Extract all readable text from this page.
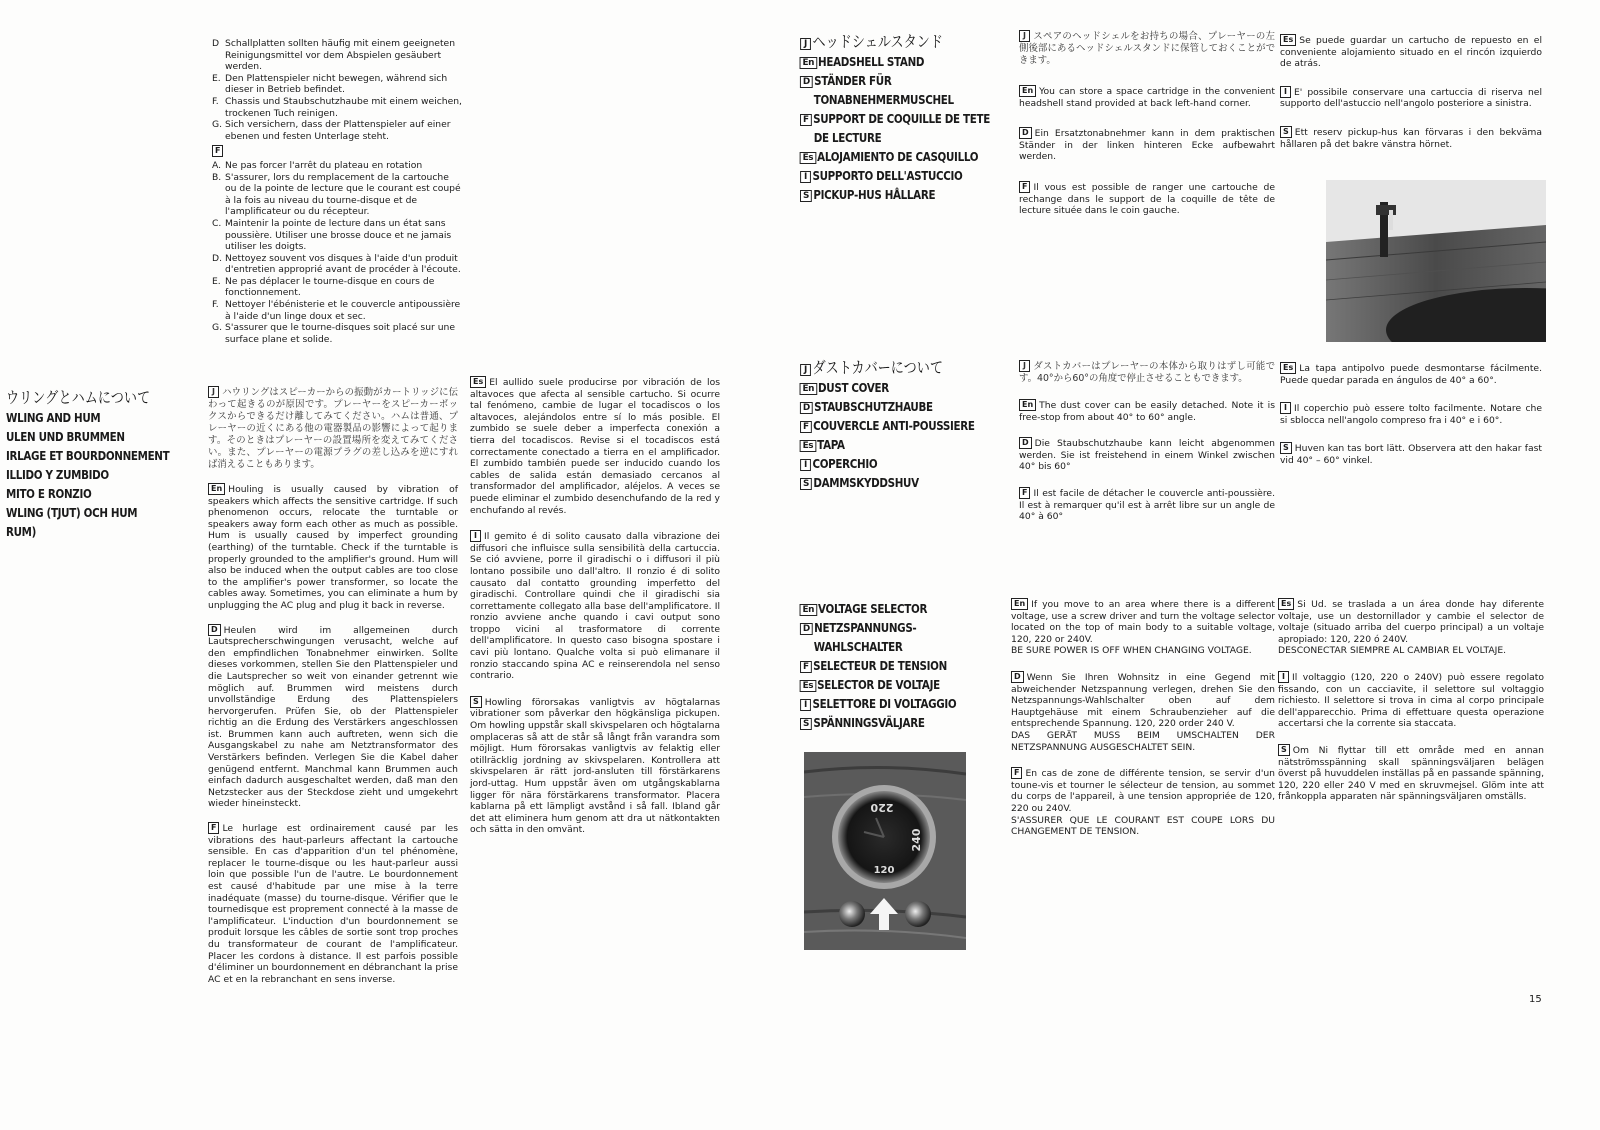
D Schallplatten sollten häufig mit einem geeigneten Reinigungsmittel vor dem Abspielen gesäubert werden.
E. Den Plattenspieler nicht bewegen, während sich dieser in Betrieb befindet.
F. Chassis und Staubschutzhaube mit einem weichen, trockenen Tuch reinigen.
G. Sich versichern, dass der Plattenspieler auf einer ebenen und festen Unterlage steht.
F
A. Ne pas forcer l'arrêt du plateau en rotation
B. S'assurer, lors du remplacement de la cartouche ou de la pointe de lecture que le courant est coupé à la fois au niveau du tourne-disque et de l'amplificateur ou du récepteur.
C. Maintenir la pointe de lecture dans un état sans poussière. Utiliser une brosse douce et ne jamais utiliser les doigts.
D. Nettoyez souvent vos disques à l'aide d'un produit d'entretien approprié avant de procéder à l'écoute.
E. Ne pas déplacer le tourne-disque en cours de fonctionnement.
F. Nettoyer l'ébénisterie et le couvercle antipoussière à l'aide d'un linge doux et sec.
G. S'assurer que le tourne-disques soit placé sur une surface plane et solide.
ウリングとハムについて
WLING AND HUM
ULEN UND BRUMMEN
IRLAGE ET BOURDONNEMENT
ILLIDO Y ZUMBIDO
MITO E RONZIO
WLING (TJUT) OCH HUM
RUM)

J ハウリングはスピーカーからの振動がカートリッジに伝わって起きるのが原因です。プレーヤーをスピーカーボックスからできるだけ離してみてください。ハムは普通、プレーヤーの近くにある他の電器製品の影響によって起ります。そのときはプレーヤーの設置場所を変えてみてください。また、プレーヤーの電源プラグの差し込みを逆にすれば消えることもあります。

En Houling is usually caused by vibration of speakers which affects the sensitive cartridge. If such phenomenon occurs, relocate the turntable or speakers away form each other as much as possible. Hum is usually caused by imperfect grounding (earthing) of the turntable. Check if the turntable is properly grounded to the amplifier's ground. Hum will also be induced when the output cables are too close to the amplifier's power transformer, so locate the cables away. Sometimes, you can eliminate a hum by unplugging the AC plug and plug it back in reverse.

D Heulen wird im allgemeinen durch Lautsprecherschwingungen verusacht, welche auf den empfindlichen Tonabnehmer einwirken. Sollte dieses vorkommen, stellen Sie den Plattenspieler und die Lautsprecher so weit von einander getrennt wie möglich auf. Brummen wird meistens durch unvollständige Erdung des Plattenspielers hervorgerufen. Prüfen Sie, ob der Plattenspieler richtig an die Erdung des Verstärkers angeschlossen ist. Brummen kann auch auftreten, wenn sich die Ausgangskabel zu nahe am Netztransformator des Verstärkers befinden. Verlegen Sie die Kabel daher genügend entfernt. Manchmal kann Brummen auch einfach dadurch ausgeschaltet werden, daß man den Netzstecker aus der Steckdose zieht und umgekehrt wieder hineinsteckt.

F Le hurlage est ordinairement causé par les vibrations des haut-parleurs affectant la cartouche sensible. En cas d'apparition d'un tel phénomène, replacer le tourne-disque ou les haut-parleur aussi loin que possible l'un de l'autre. Le bourdonnement est causé d'habitude par une mise à la terre inadéquate (masse) du tourne-disque. Vérifier que le tournedisque est proprement connecté à la masse de l'amplificateur. L'induction d'un bourdonnement se produit lorsque les câbles de sortie sont trop proches du transformateur de courant de l'amplificateur. Placer les cordons à distance. Il est parfois possible d'éliminer un bourdonnement en débranchant la prise AC et en la rebranchant en sens inverse.

Es El aullido suele producirse por vibración de los altavoces que afecta al sensible cartucho. Si ocurre tal fenómeno, cambie de lugar el tocadiscos o los altavoces, alejándolos entre sí lo más posible. El zumbido se suele deber a imperfecta conexión a tierra del tocadiscos. Revise si el tocadiscos está correctamente conectado a tierra en el amplificador. El zumbido también puede ser inducido cuando los cables de salida están demasiado cercanos al transformador del amplificador, aléjelos. A veces se puede eliminar el zumbido desenchufando de la red y enchufando al revés.

I Il gemito é di solito causato dalla vibrazione dei diffusori che influisce sulla sensibilità della cartuccia. Se ció avviene, porre il giradischi o i diffusori il più lontano possibile uno dall'altro. Il ronzio é di solito causato dal contatto grounding imperfetto del giradischi. Controllare quindi che il giradischi sia correttamente collegato alla base dell'amplificatore. Il ronzio avviene anche quando i cavi output sono troppo vicini al trasformatore di corrente dell'amplificatore. In questo caso bisogna spostare i cavi più lontano. Qualche volta si può elimanare il ronzio staccando spina AC e reinserendola nel senso contrario.

S Howling förorsakas vanligtvis av högtalarnas vibrationer som påverkar den högkänsliga pickupen. Om howling uppstår skall skivspelaren och högtalarna omplaceras så att de står så långt från varandra som möjligt. Hum förorsakas vanligtvis av felaktig eller otillräcklig jordning av skivspelaren. Kontrollera att skivspelaren är rätt jord-ansluten till förstärkarens jord-uttag. Hum uppstår även om utgångskablarna ligger för nära förstärkarens transformator. Placera kablarna på ett lämpligt avstånd i så fall. Ibland går det att eliminera hum genom att dra ut nätkontakten och sätta in den omvänt.

J ヘッドシェルスタンド
En HEADSHELL STAND
D STÄNDER FÜR
TONABNEHMERMUSCHEL
F SUPPORT DE COQUILLE DE TETE
DE LECTURE
Es ALOJAMIENTO DE CASQUILLO
I SUPPORTO DELL'ASTUCCIO
S PICKUP-HUS HÅLLARE

J スペアのヘッドシェルをお持ちの場合、プレーヤーの左側後部にあるヘッドシェルスタンドに保管しておくことができます。

En You can store a space cartridge in the convenient headshell stand provided at back left-hand corner.

D Ein Ersatztonabnehmer kann in dem praktischen Ständer in der linken hinteren Ecke aufbewahrt werden.

F Il vous est possible de ranger une cartouche de rechange dans le support de la coquille de tête de lecture située dans le coin gauche.

Es Se puede guardar un cartucho de repuesto en el conveniente alojamiento situado en el rincón izquierdo de atrás.

I E' possibile conservare una cartuccia di riserva nel supporto dell'astuccio nell'angolo posteriore a sinistra.

S Ett reserv pickup-hus kan förvaras i den bekväma hållaren på det bakre vänstra hörnet.

J ダストカバーについて
En DUST COVER
D STAUBSCHUTZHAUBE
F COUVERCLE ANTI-POUSSIERE
Es TAPA
I COPERCHIO
S DAMMSKYDDSHUV

J ダストカバーはプレーヤーの本体から取りはずし可能です。40°から60°の角度で停止させることもできます。

En The dust cover can be easily detached. Note it is free-stop from about 40° to 60° angle.

D Die Staubschutzhaube kann leicht abgenommen werden. Sie ist freistehend in einem Winkel zwischen 40° bis 60°

F Il est facile de détacher le couvercle anti-poussière. Il est à remarquer qu'il est à arrêt libre sur un angle de 40° à 60°

Es La tapa antipolvo puede desmontarse fácilmente. Puede quedar parada en ángulos de 40° a 60°.

I Il coperchio può essere tolto facilmente. Notare che si sblocca nell'angolo compreso fra i 40° e i 60°.

S Huven kan tas bort lätt. Observera att den hakar fast vid 40° – 60° vinkel.

En VOLTAGE SELECTOR
D NETZSPANNUNGS-
WAHLSCHALTER
F SELECTEUR DE TENSION
Es SELECTOR DE VOLTAJE
I SELETTORE DI VOLTAGGIO
S SPÄNNINGSVÄLJARE

En If you move to an area where there is a different voltage, use a screw driver and turn the voltage selector located on the top of main body to a suitable voltage, 120, 220 or 240V.
BE SURE POWER IS OFF WHEN CHANGING VOLTAGE.

D Wenn Sie Ihren Wohnsitz in eine Gegend mit abweichender Netzspannung verlegen, drehen Sie den Netzspannungs-Wahlschalter oben auf dem Hauptgehäuse mit einem Schraubenzieher auf die entsprechende Spannung. 120, 220 order 240 V.
DAS GERÄT MUSS BEIM UMSCHALTEN DER NETZSPANNUNG AUSGESCHALTET SEIN.

F En cas de zone de différente tension, se servir d'un toune-vis et tourner le sélecteur de tension, au sommet du corps de l'appareil, à une tension appropriée de 120, 220 ou 240V.
S'ASSURER QUE LE COURANT EST COUPE LORS DU CHANGEMENT DE TENSION.

Es Si Ud. se traslada a un área donde hay diferente voltaje, use un destornillador y cambie el selector de voltaje (situado arriba del cuerpo principal) a un voltaje apropiado: 120, 220 ó 240V.
DESCONECTAR SIEMPRE AL CAMBIAR EL VOLTAJE.

I Il voltaggio (120, 220 o 240V) può essere regolato fissando, con un cacciavite, il selettore sul voltaggio richiesto. Il selettore si trova in cima al corpo principale dell'apparecchio. Prima di effettuare questa operazione accertarsi che la corrente sia staccata.

S Om Ni flyttar till ett område med en annan nätströmsspänning skall spänningsväljaren belägen överst på huvuddelen inställas på en passande spänning, 120, 220 eller 240 V med en skruvmejsel. Glöm inte att frånkoppla apparaten när spänningsväljaren omställs.

220
240
120
15
